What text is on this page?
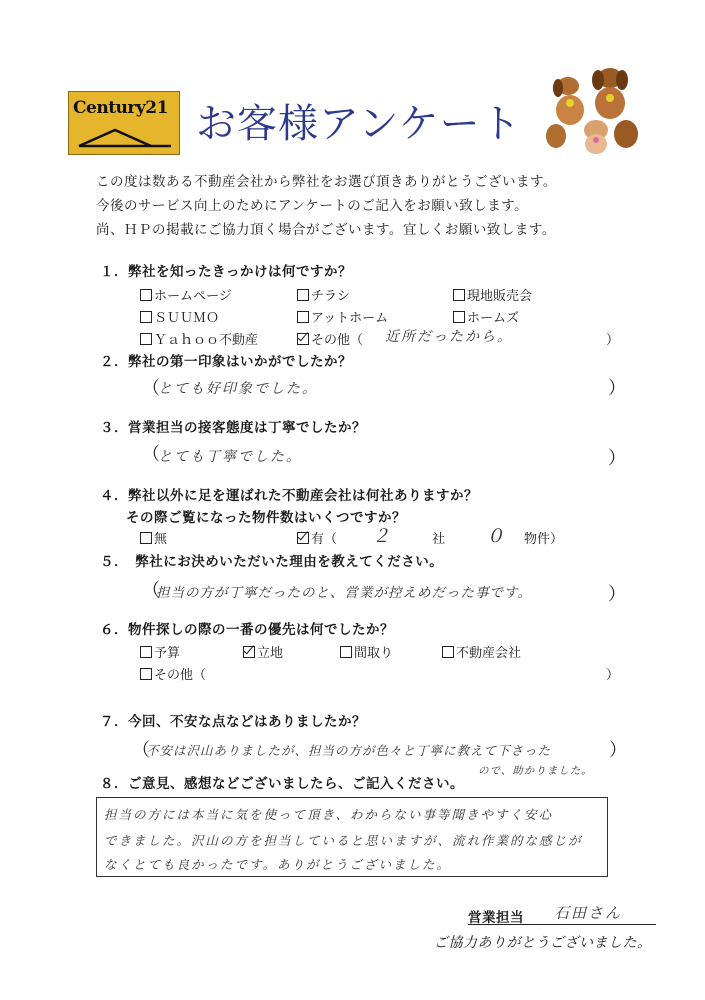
Century21 お客様アンケート
この度は数ある不動産会社から弊社をお選び頂きありがとうございます。
今後のサービス向上のためにアンケートのご記入をお願い致します。
尚、ＨＰの掲載にご協力頂く場合がございます。宜しくお願い致します。
１．弊社を知ったきっかけは何ですか？
ホームページ	チラシ	現地販売会
ＳＵＵＭＯ	アットホーム	ホームズ
Ｙａｈｏｏ不動産	その他（ 近所だったから。	）
２．弊社の第一印象はいかがでしたか？
（
とても好印象でした。	）
３．営業担当の接客態度は丁寧でしたか？
（
とても丁寧でした。	）
４．弊社以外に足を運ばれた不動産会社は何社ありますか？
その際ご覧になった物件数はいくつですか？
無	有（ ２	社 ０ 物件）
５．　弊社にお決めいただいた理由を教えてください。
（
担当の方が丁寧だったのと、営業が控えめだった事です。	）
６．物件探しの際の一番の優先は何でしたか？
予算	立地	間取り	不動産会社
その他（	）
７．今回、不安な点などはありましたか？
（
不安は沢山ありましたが、担当の方が色々と丁寧に教えて下さった	）
ので、助かりました。
８．ご意見、感想などございましたら、ご記入ください。
担当の方には本当に気を使って頂き、わからない事等聞きやすく安心
できました。沢山の方を担当していると思いますが、流れ作業的な感じが
なくとても良かったです。ありがとうございました。
営業担当 石田さん
ご協力ありがとうございました。
